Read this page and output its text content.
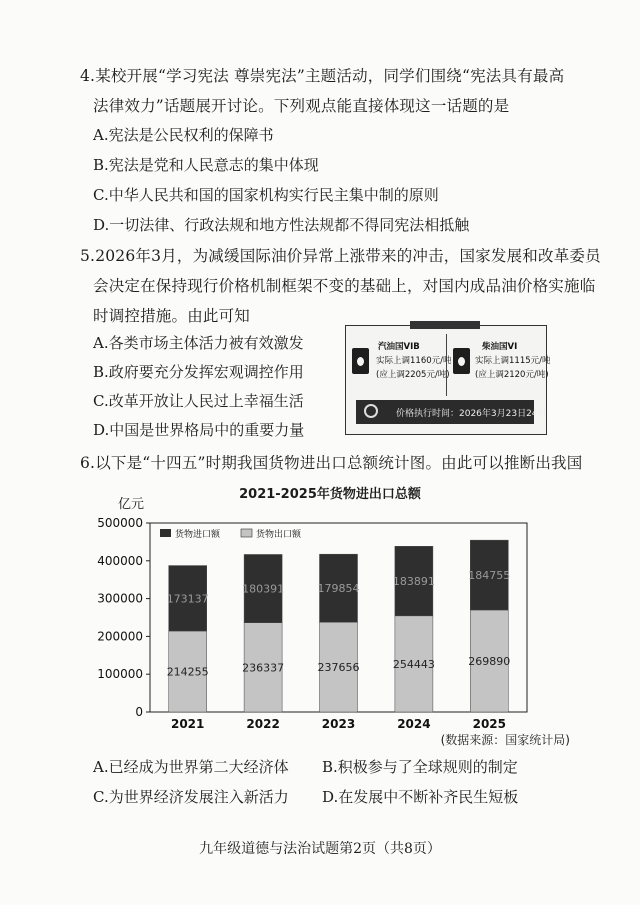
4.某校开展“学习宪法 尊崇宪法”主题活动，同学们围绕“宪法具有最高
法律效力”话题展开讨论。下列观点能直接体现这一话题的是
A.宪法是公民权利的保障书
B.宪法是党和人民意志的集中体现
C.中华人民共和国的国家机构实行民主集中制的原则
D.一切法律、行政法规和地方性法规都不得同宪法相抵触
5.2026年3月，为减缓国际油价异常上涨带来的冲击，国家发展和改革委员
会决定在保持现行价格机制框架不变的基础上，对国内成品油价格实施临
时调控措施。由此可知
A.各类市场主体活力被有效激发
B.政府要充分发挥宏观调控作用
C.改革开放让人民过上幸福生活
D.中国是世界格局中的重要力量
汽油国VIB
实际上调1160元/吨
(应上调2205元/吨)
柴油国VI
实际上调1115元/吨
(应上调2120元/吨)
价格执行时间：2026年3月23日24时
6.以下是“十四五”时期我国货物进出口总额统计图。由此可以推断出我国
2021-2025年货物进出口总额
亿元
0
100000
200000
300000
400000
500000
214255
173137
236337
180391
237656
179854
254443
183891
269890
184755
2021	2022	2023	2024	2025
货物进口额	货物出口额
(数据来源：国家统计局)
A.已经成为世界第二大经济体 B.积极参与了全球规则的制定
C.为世界经济发展注入新活力 D.在发展中不断补齐民生短板
九年级道德与法治试题第2页（共8页）
